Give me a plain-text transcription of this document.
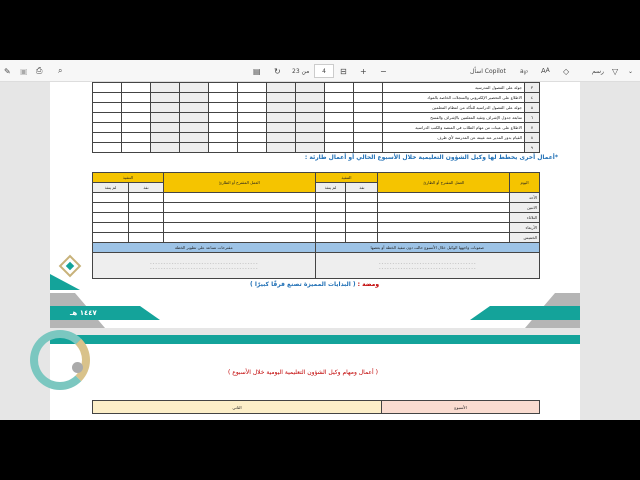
✎ ▣ ⎙ ⌕	▤ ↻ من 23	4	⊟ + −	اسأل Copilot a℘ A A ◇	رسم ▽ ⌄
٣	جولة على الفصول المدرسية										
٤	الاطلاع على التحضير الإلكتروني والسجلات الخاصة بالمواد										
٥	جولة على الفصول الدراسية للتأكد من انتظام المعلمين										
٦	متابعة جدول الإشراف وتقيد المعلمين بالإشراف والفسح										
٧	الاطلاع على عينات من مهام الطلاب في المنصة والكتب الدراسية										
٨	القيام بدور المدير عند غيبته عن المدرسة لأي ظرف										
٩											
*أعمال أخرى يخطط لها وكيل الشؤون التعليمية خلال الأسبوع الحالي أو أعمال طارئة :
اليوم	العمل المقترح أو الطارئ	التنفيذ		العمل المقترح أو الطارئ	التنفيذ	
		نفذ	لم ينفذ		نفذ	لم ينفذ
الأحد						
الاثنين						
الثلاثاء						
الأربعاء						
الخميس						
صعوبات واجهها الوكيل خلال الأسبوع حالت دون تنفيذ الخطة أو بعضها				مقترحات تساعد على تطوير الخطة		
- - - - - - - - - - - - - - - - - - - - - - - - - - - - - - - - - - - -
- - - - - - - - - - - - - - - - - - - - - - - - - - - - - - - - - - - -				- - - - - - - - - - - - - - - - - - - - - - - - - - - - - - - - - - - - - - - -
- - - - - - - - - - - - - - - - - - - - - - - - - - - - - - - - - - - - - - - -		
ومضة : ( البدايات المميزة تصنع فرقًا كبيرًا )
١٤٤٧ هـ
( أعمال ومهام وكيل الشؤون التعليمية اليومية خلال الأسبوع )
الأسبوع	الثاني
